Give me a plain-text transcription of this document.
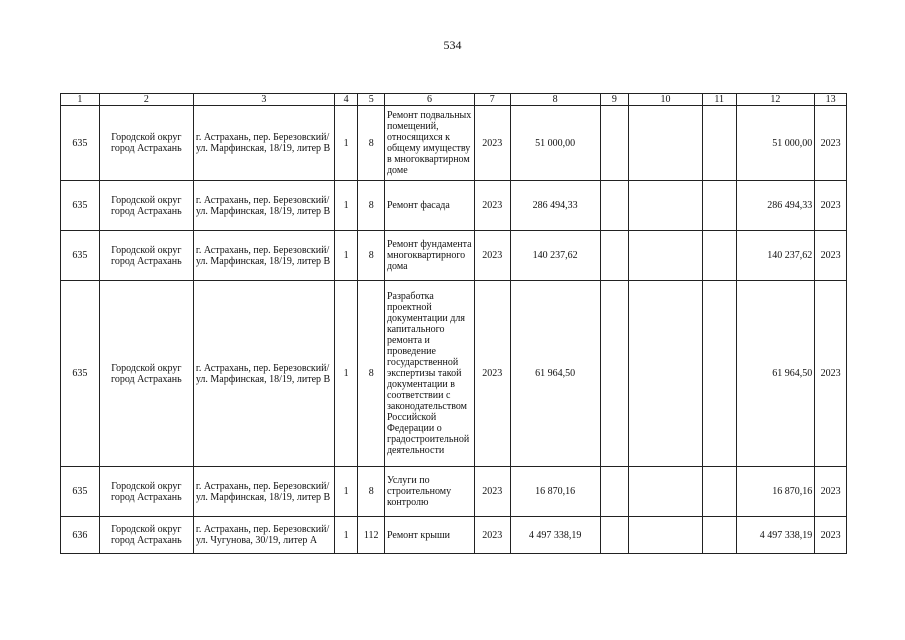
534
1	2	3	4	5	6	7	8	9	10	11	12	13
635	Городской округ город Астрахань	г. Астрахань, пер. Березовский/ ул. Марфинская, 18/19, литер В	1	8	Ремонт подвальных помещений, относящихся к общему имуществу в многоквартирном доме	2023	51 000,00				51 000,00	2023
635	Городской округ город Астрахань	г. Астрахань, пер. Березовский/ ул. Марфинская, 18/19, литер В	1	8	Ремонт фасада	2023	286 494,33				286 494,33	2023
635	Городской округ город Астрахань	г. Астрахань, пер. Березовский/ ул. Марфинская, 18/19, литер В	1	8	Ремонт фундамента многоквартирного дома	2023	140 237,62				140 237,62	2023
635	Городской округ город Астрахань	г. Астрахань, пер. Березовский/ ул. Марфинская, 18/19, литер В	1	8	Разработка проектной документации для капитального ремонта и проведение государственной экспертизы такой документации в соответствии с законодательством Российской Федерации о градостроительной деятельности	2023	61 964,50				61 964,50	2023
635	Городской округ город Астрахань	г. Астрахань, пер. Березовский/ ул. Марфинская, 18/19, литер В	1	8	Услуги по строительному контролю	2023	16 870,16				16 870,16	2023
636	Городской округ город Астрахань	г. Астрахань, пер. Березовский/ ул. Чугунова, 30/19, литер А	1	112	Ремонт крыши	2023	4 497 338,19				4 497 338,19	2023
